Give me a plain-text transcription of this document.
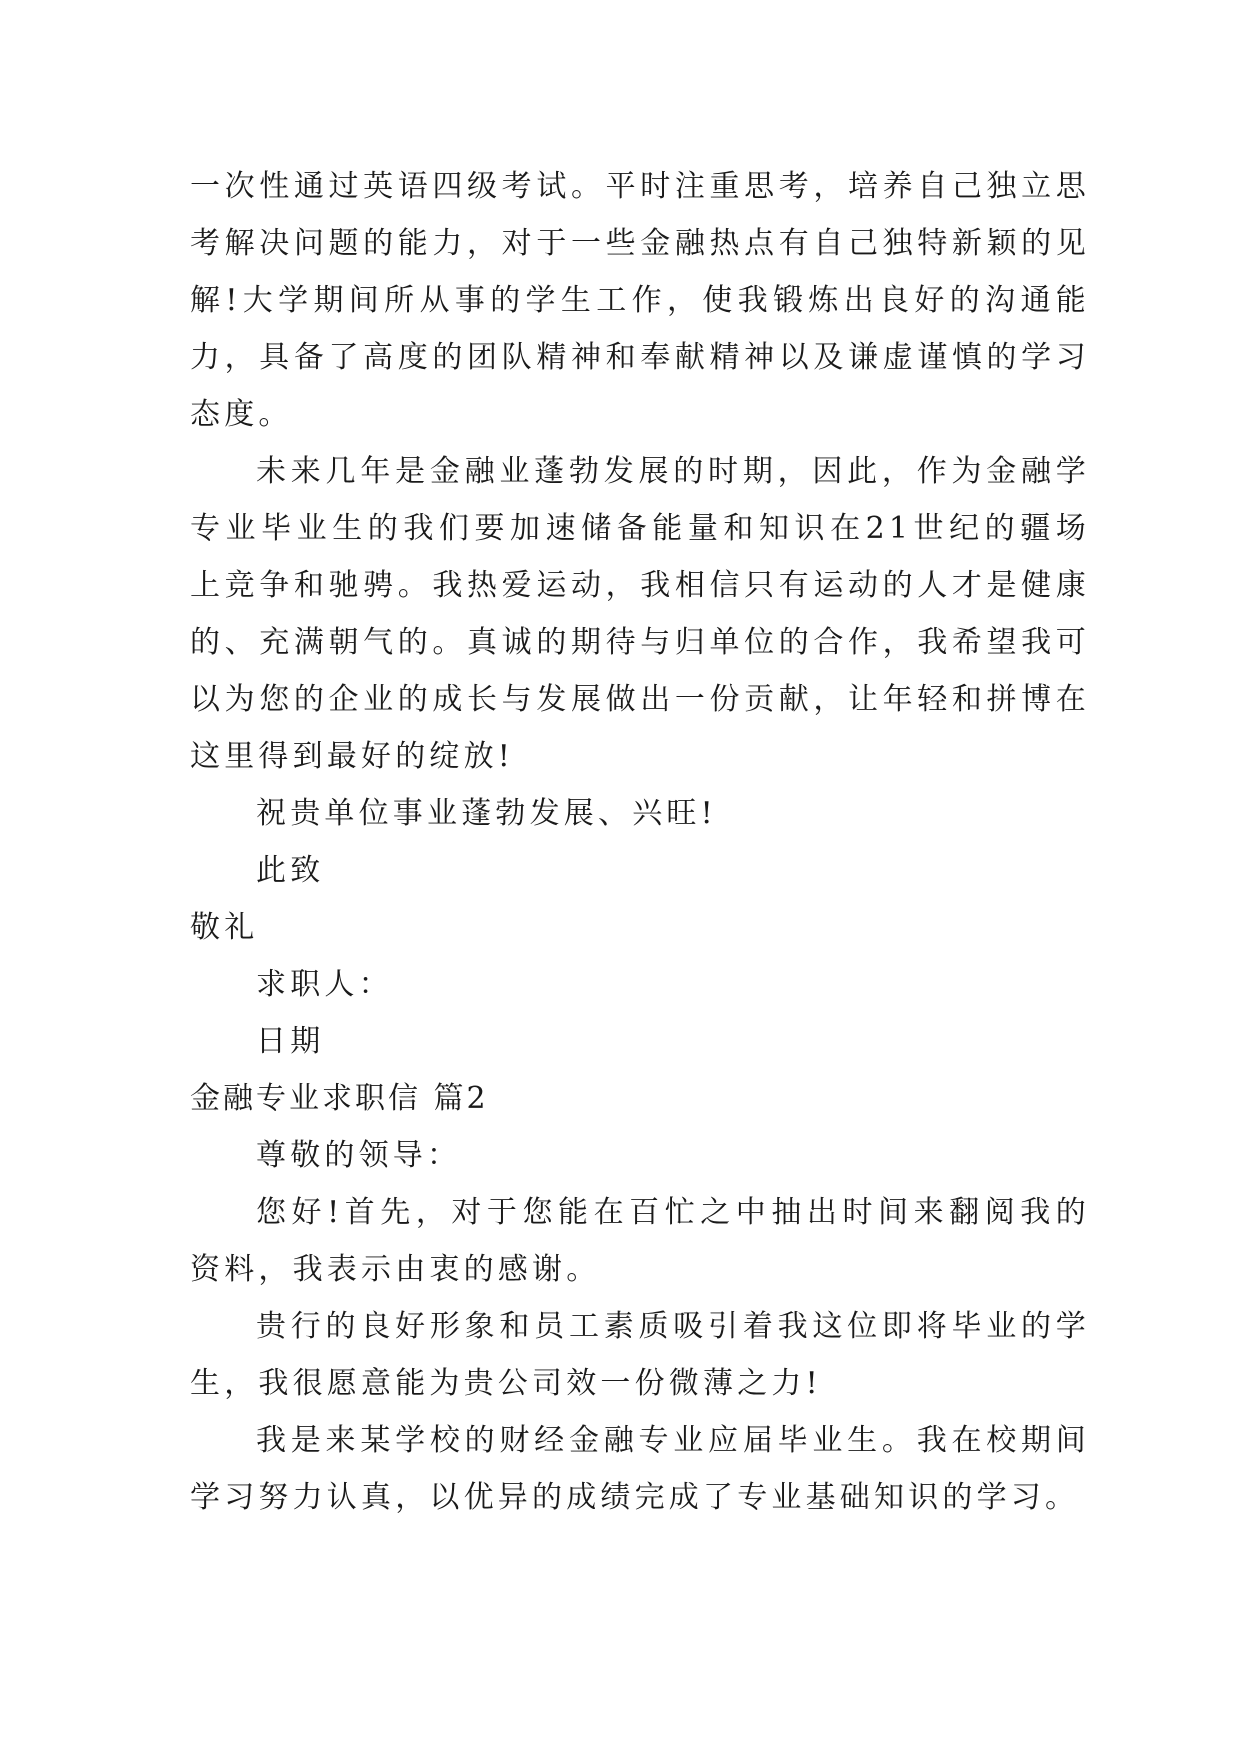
一次性通过英语四级考试。平时注重思考，培养自己独立思考解决问题的能力，对于一些金融热点有自己独特新颖的见解!大学期间所从事的学生工作，使我锻炼出良好的沟通能力，具备了高度的团队精神和奉献精神以及谦虚谨慎的学习态度。

未来几年是金融业蓬勃发展的时期，因此，作为金融学专业毕业生的我们要加速储备能量和知识在21世纪的疆场上竞争和驰骋。我热爱运动，我相信只有运动的人才是健康的、充满朝气的。真诚的期待与归单位的合作，我希望我可以为您的企业的成长与发展做出一份贡献，让年轻和拼博在这里得到最好的绽放!

祝贵单位事业蓬勃发展、兴旺!

此致

敬礼

求职人：

日期

金融专业求职信 篇2

尊敬的领导：

您好!首先，对于您能在百忙之中抽出时间来翻阅我的资料，我表示由衷的感谢。

贵行的良好形象和员工素质吸引着我这位即将毕业的学生，我很愿意能为贵公司效一份微薄之力!

我是来某学校的财经金融专业应届毕业生。我在校期间学习努力认真，以优异的成绩完成了专业基础知识的学习。
